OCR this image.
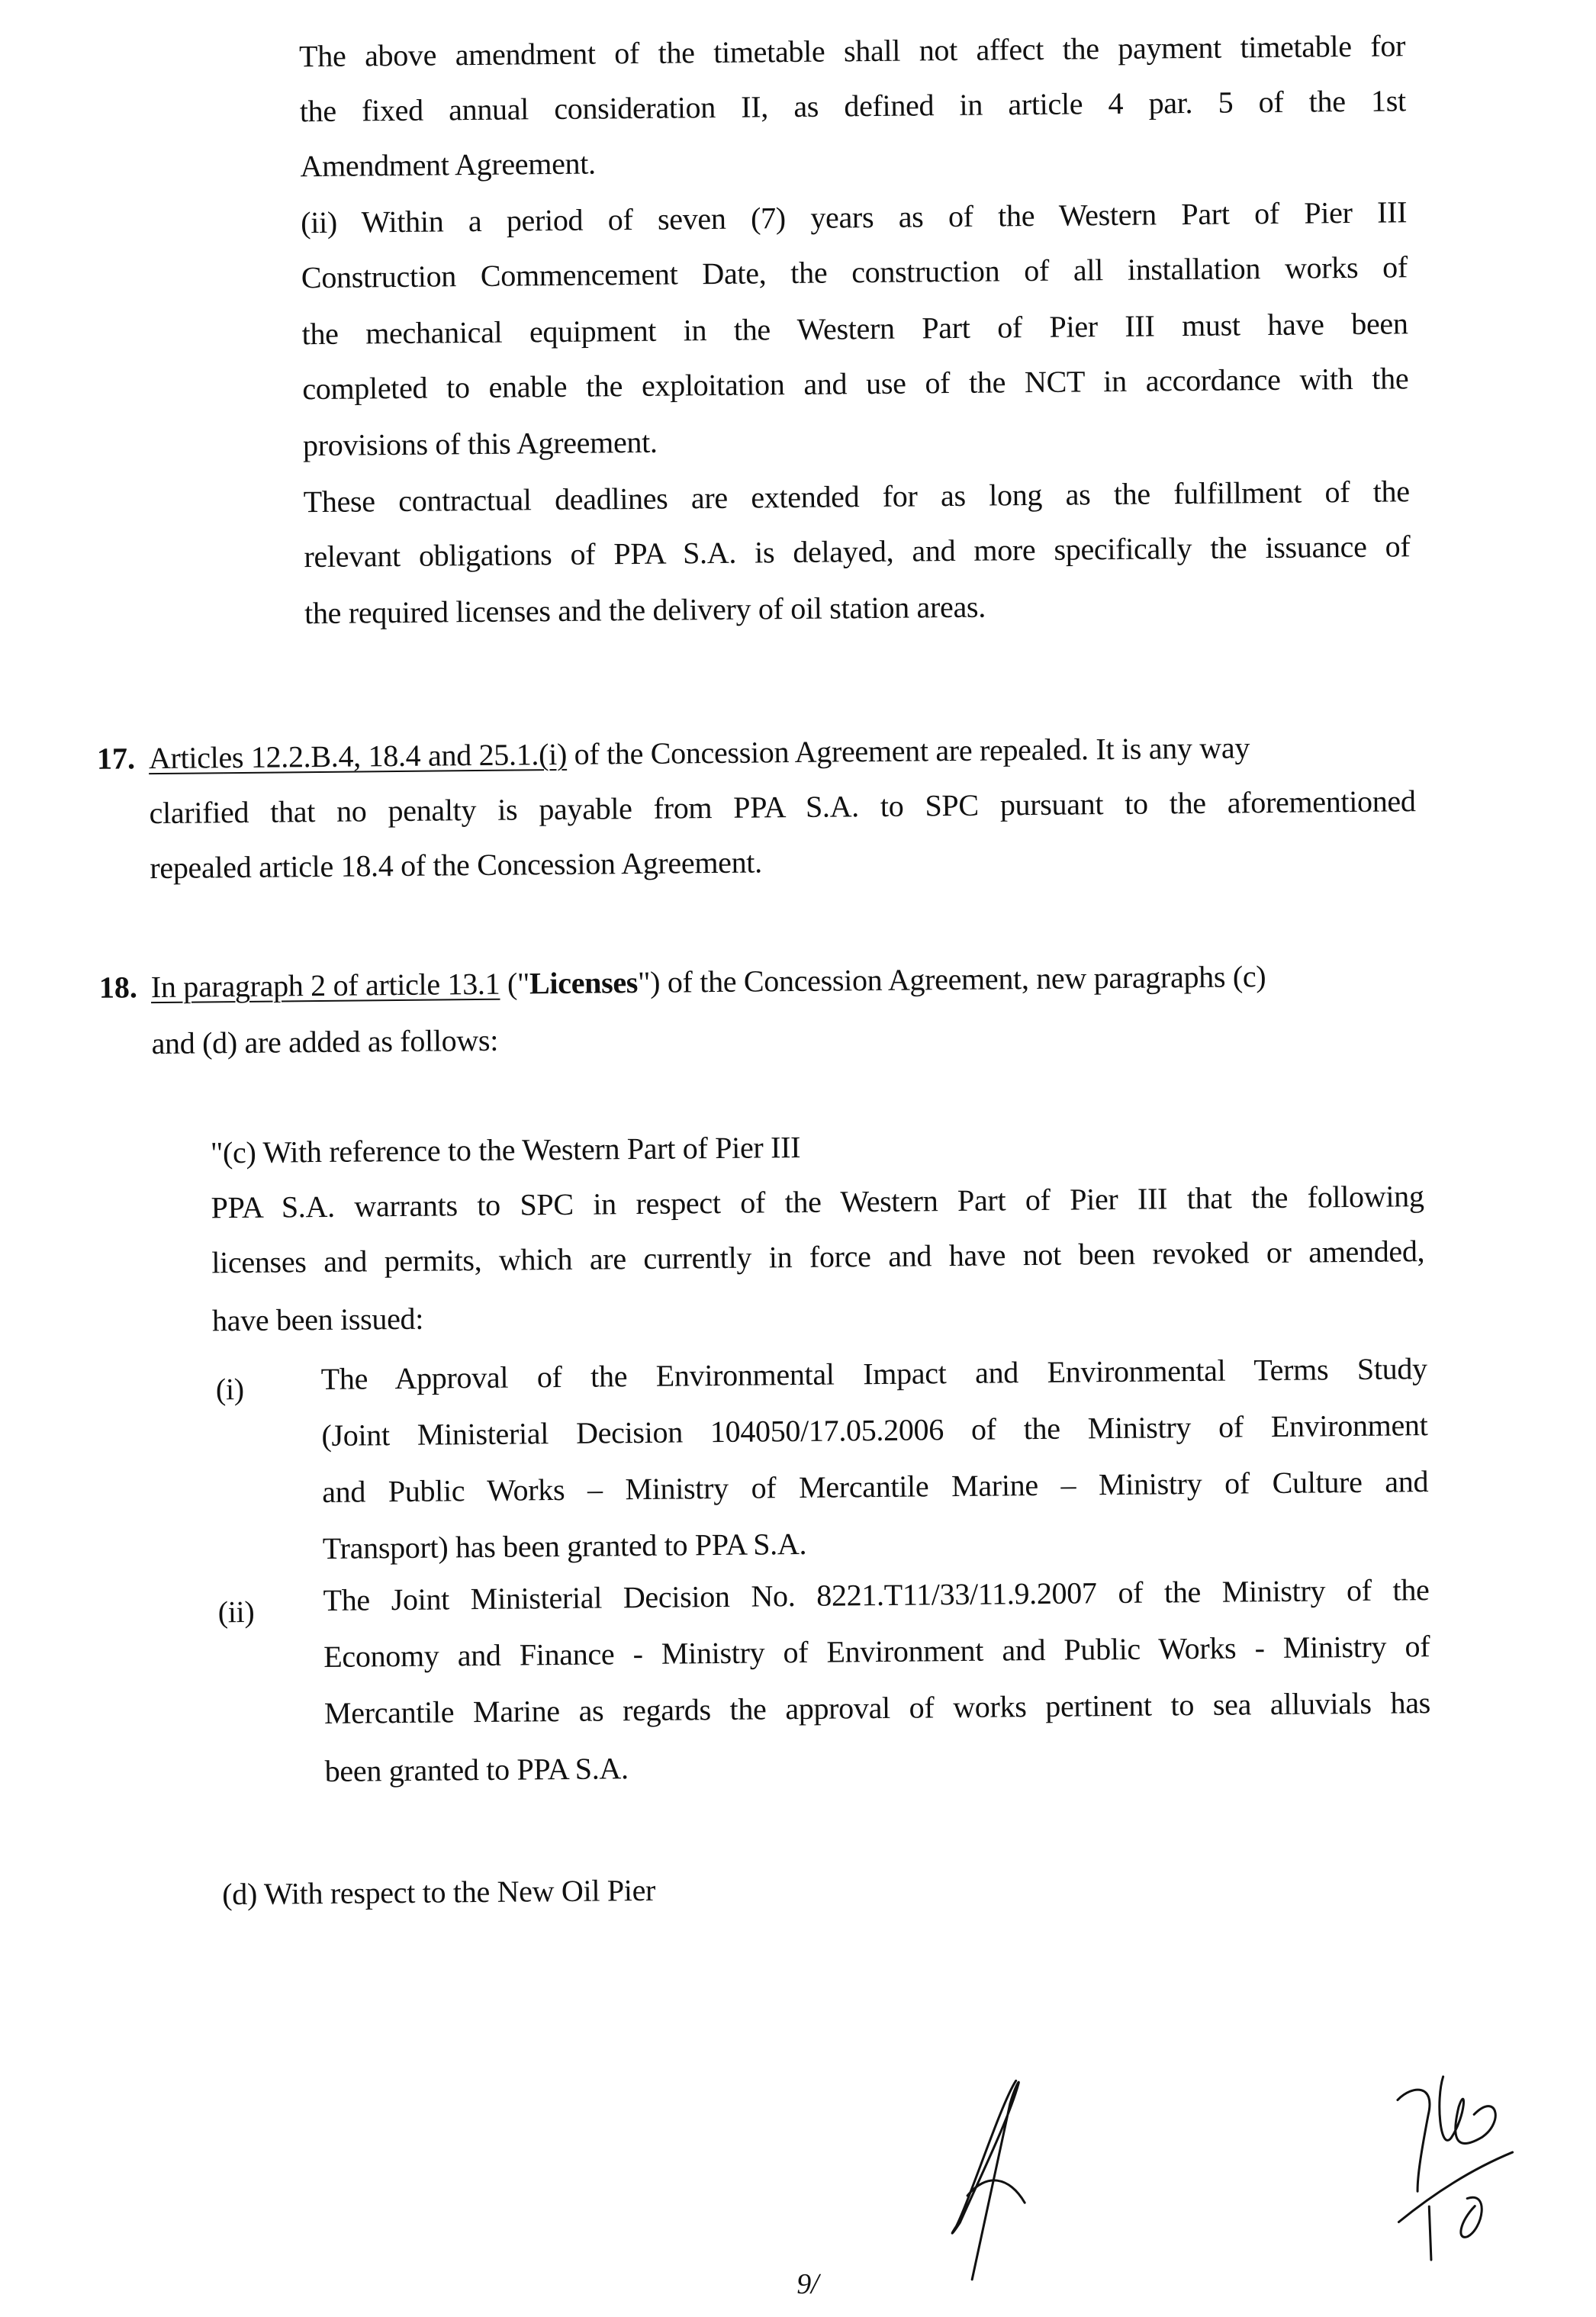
The above amendment of the timetable shall not affect the payment timetable for
the fixed annual consideration II, as defined in article 4 par. 5 of the 1st
Amendment Agreement.
(ii) Within a period of seven (7) years as of the Western Part of Pier III
Construction Commencement Date, the construction of all installation works of
the mechanical equipment in the Western Part of Pier III must have been
completed to enable the exploitation and use of the NCT in accordance with the
provisions of this Agreement.
These contractual deadlines are extended for as long as the fulfillment of the
relevant obligations of PPA S.A. is delayed, and more specifically the issuance of
the required licenses and the delivery of oil station areas.
17. Articles 12.2.B.4, 18.4 and 25.1.(i) of the Concession Agreement are repealed. It is any way
clarified that no penalty is payable from PPA S.A. to SPC pursuant to the aforementioned
repealed article 18.4 of the Concession Agreement.
18. In paragraph 2 of article 13.1 ("Licenses") of the Concession Agreement, new paragraphs (c)
and (d) are added as follows:
"(c) With reference to the Western Part of Pier III
PPA S.A. warrants to SPC in respect of the Western Part of Pier III that the following
licenses and permits, which are currently in force and have not been revoked or amended,
have been issued:
(i)	The Approval of the Environmental Impact and Environmental Terms Study
(Joint Ministerial Decision 104050/17.05.2006 of the Ministry of Environment
and Public Works – Ministry of Mercantile Marine – Ministry of Culture and
Transport) has been granted to PPA S.A.
(ii) The Joint Ministerial Decision No. 8221.T11/33/11.9.2007 of the Ministry of the
Economy and Finance - Ministry of Environment and Public Works - Ministry of
Mercantile Marine as regards the approval of works pertinent to sea alluvials has
been granted to PPA S.A.
(d) With respect to the New Oil Pier
9/
